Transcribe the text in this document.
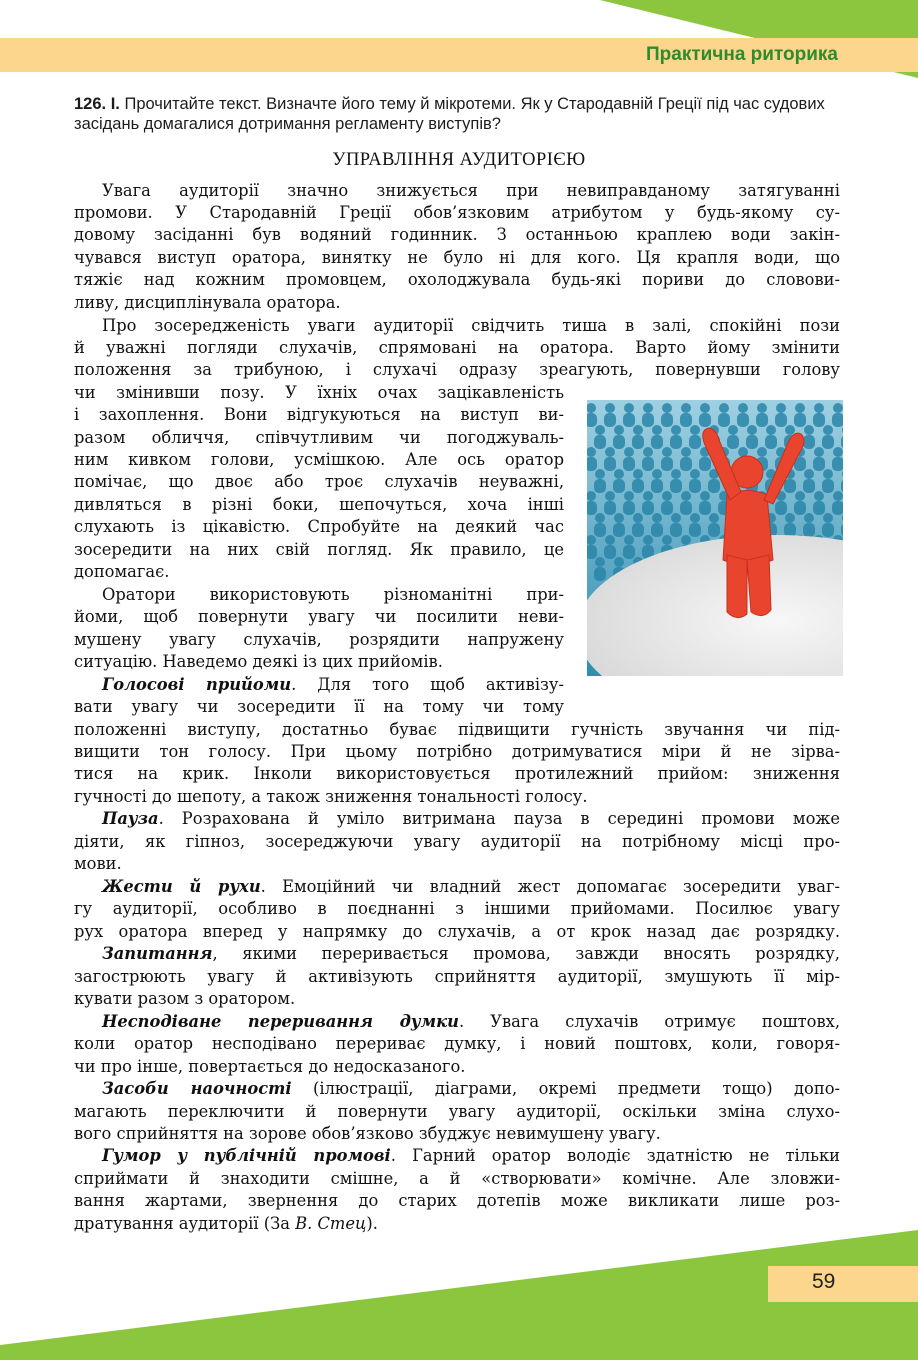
Практична риторика
126. I. Прочитайте текст. Визначте його тему й мікротеми. Як у Стародавній Греції під час судових засідань домагалися дотримання регламенту виступів?
УПРАВЛІННЯ АУДИТОРІЄЮ
Увага аудиторії значно знижується при невиправданому затягуванні
промови. У Стародавній Греції обов’язковим атрибутом у будь-якому су-
довому засіданні був водяний годинник. З останньою краплею води закін-
чувався виступ оратора, винятку не було ні для кого. Ця крапля води, що
тяжіє над кожним промовцем, охолоджувала будь-які пориви до словови-
ливу, дисциплінувала оратора.
Про зосередженість уваги аудиторії свідчить тиша в залі, спокійні пози
й уважні погляди слухачів, спрямовані на оратора. Варто йому змінити
положення за трибуною, і слухачі одразу зреагують, повернувши голову
чи змінивши позу. У їхніх очах зацікавленість
і захоплення. Вони відгукуються на виступ ви-
разом обличчя, співчутливим чи погоджуваль-
ним кивком голови, усмішкою. Але ось оратор
помічає, що двоє або троє слухачів неуважні,
дивляться в різні боки, шепочуться, хоча інші
слухають із цікавістю. Спробуйте на деякий час
зосередити на них свій погляд. Як правило, це
допомагає.
Оратори використовують різноманітні при-
йоми, щоб повернути увагу чи посилити неви-
мушену увагу слухачів, розрядити напружену
ситуацію. Наведемо деякі із цих прийомів.
Голосові прийоми. Для того щоб активізу-
вати увагу чи зосередити її на тому чи тому
положенні виступу, достатньо буває підвищити гучність звучання чи під-
вищити тон голосу. При цьому потрібно дотримуватися міри й не зірва-
тися на крик. Інколи використовується протилежний прийом: зниження
гучності до шепоту, а також зниження тональності голосу.
Пауза. Розрахована й уміло витримана пауза в середині промови може
діяти, як гіпноз, зосереджуючи увагу аудиторії на потрібному місці про-
мови.
Жести й рухи. Емоційний чи владний жест допомагає зосередити уваг-
гу аудиторії, особливо в поєднанні з іншими прийомами. Посилює увагу
рух оратора вперед у напрямку до слухачів, а от крок назад дає розрядку.
Запитання, якими переривається промова, завжди вносять розрядку,
загострюють увагу й активізують сприйняття аудиторії, змушують її мір-
кувати разом з оратором.
Несподіване переривання думки. Увага слухачів отримує поштовх,
коли оратор несподівано перериває думку, і новий поштовх, коли, говоря-
чи про інше, повертається до недосказаного.
Засоби наочності (ілюстрації, діаграми, окремі предмети тощо) допо-
магають переключити й повернути увагу аудиторії, оскільки зміна слухо-
вого сприйняття на зорове обов’язково збуджує невимушену увагу.
Гумор у публічній промові. Гарний оратор володіє здатністю не тільки
сприймати й знаходити смішне, а й «створювати» комічне. Але зловжи-
вання жартами, звернення до старих дотепів може викликати лише роз-
дратування аудиторії (За В. Стец).
59
